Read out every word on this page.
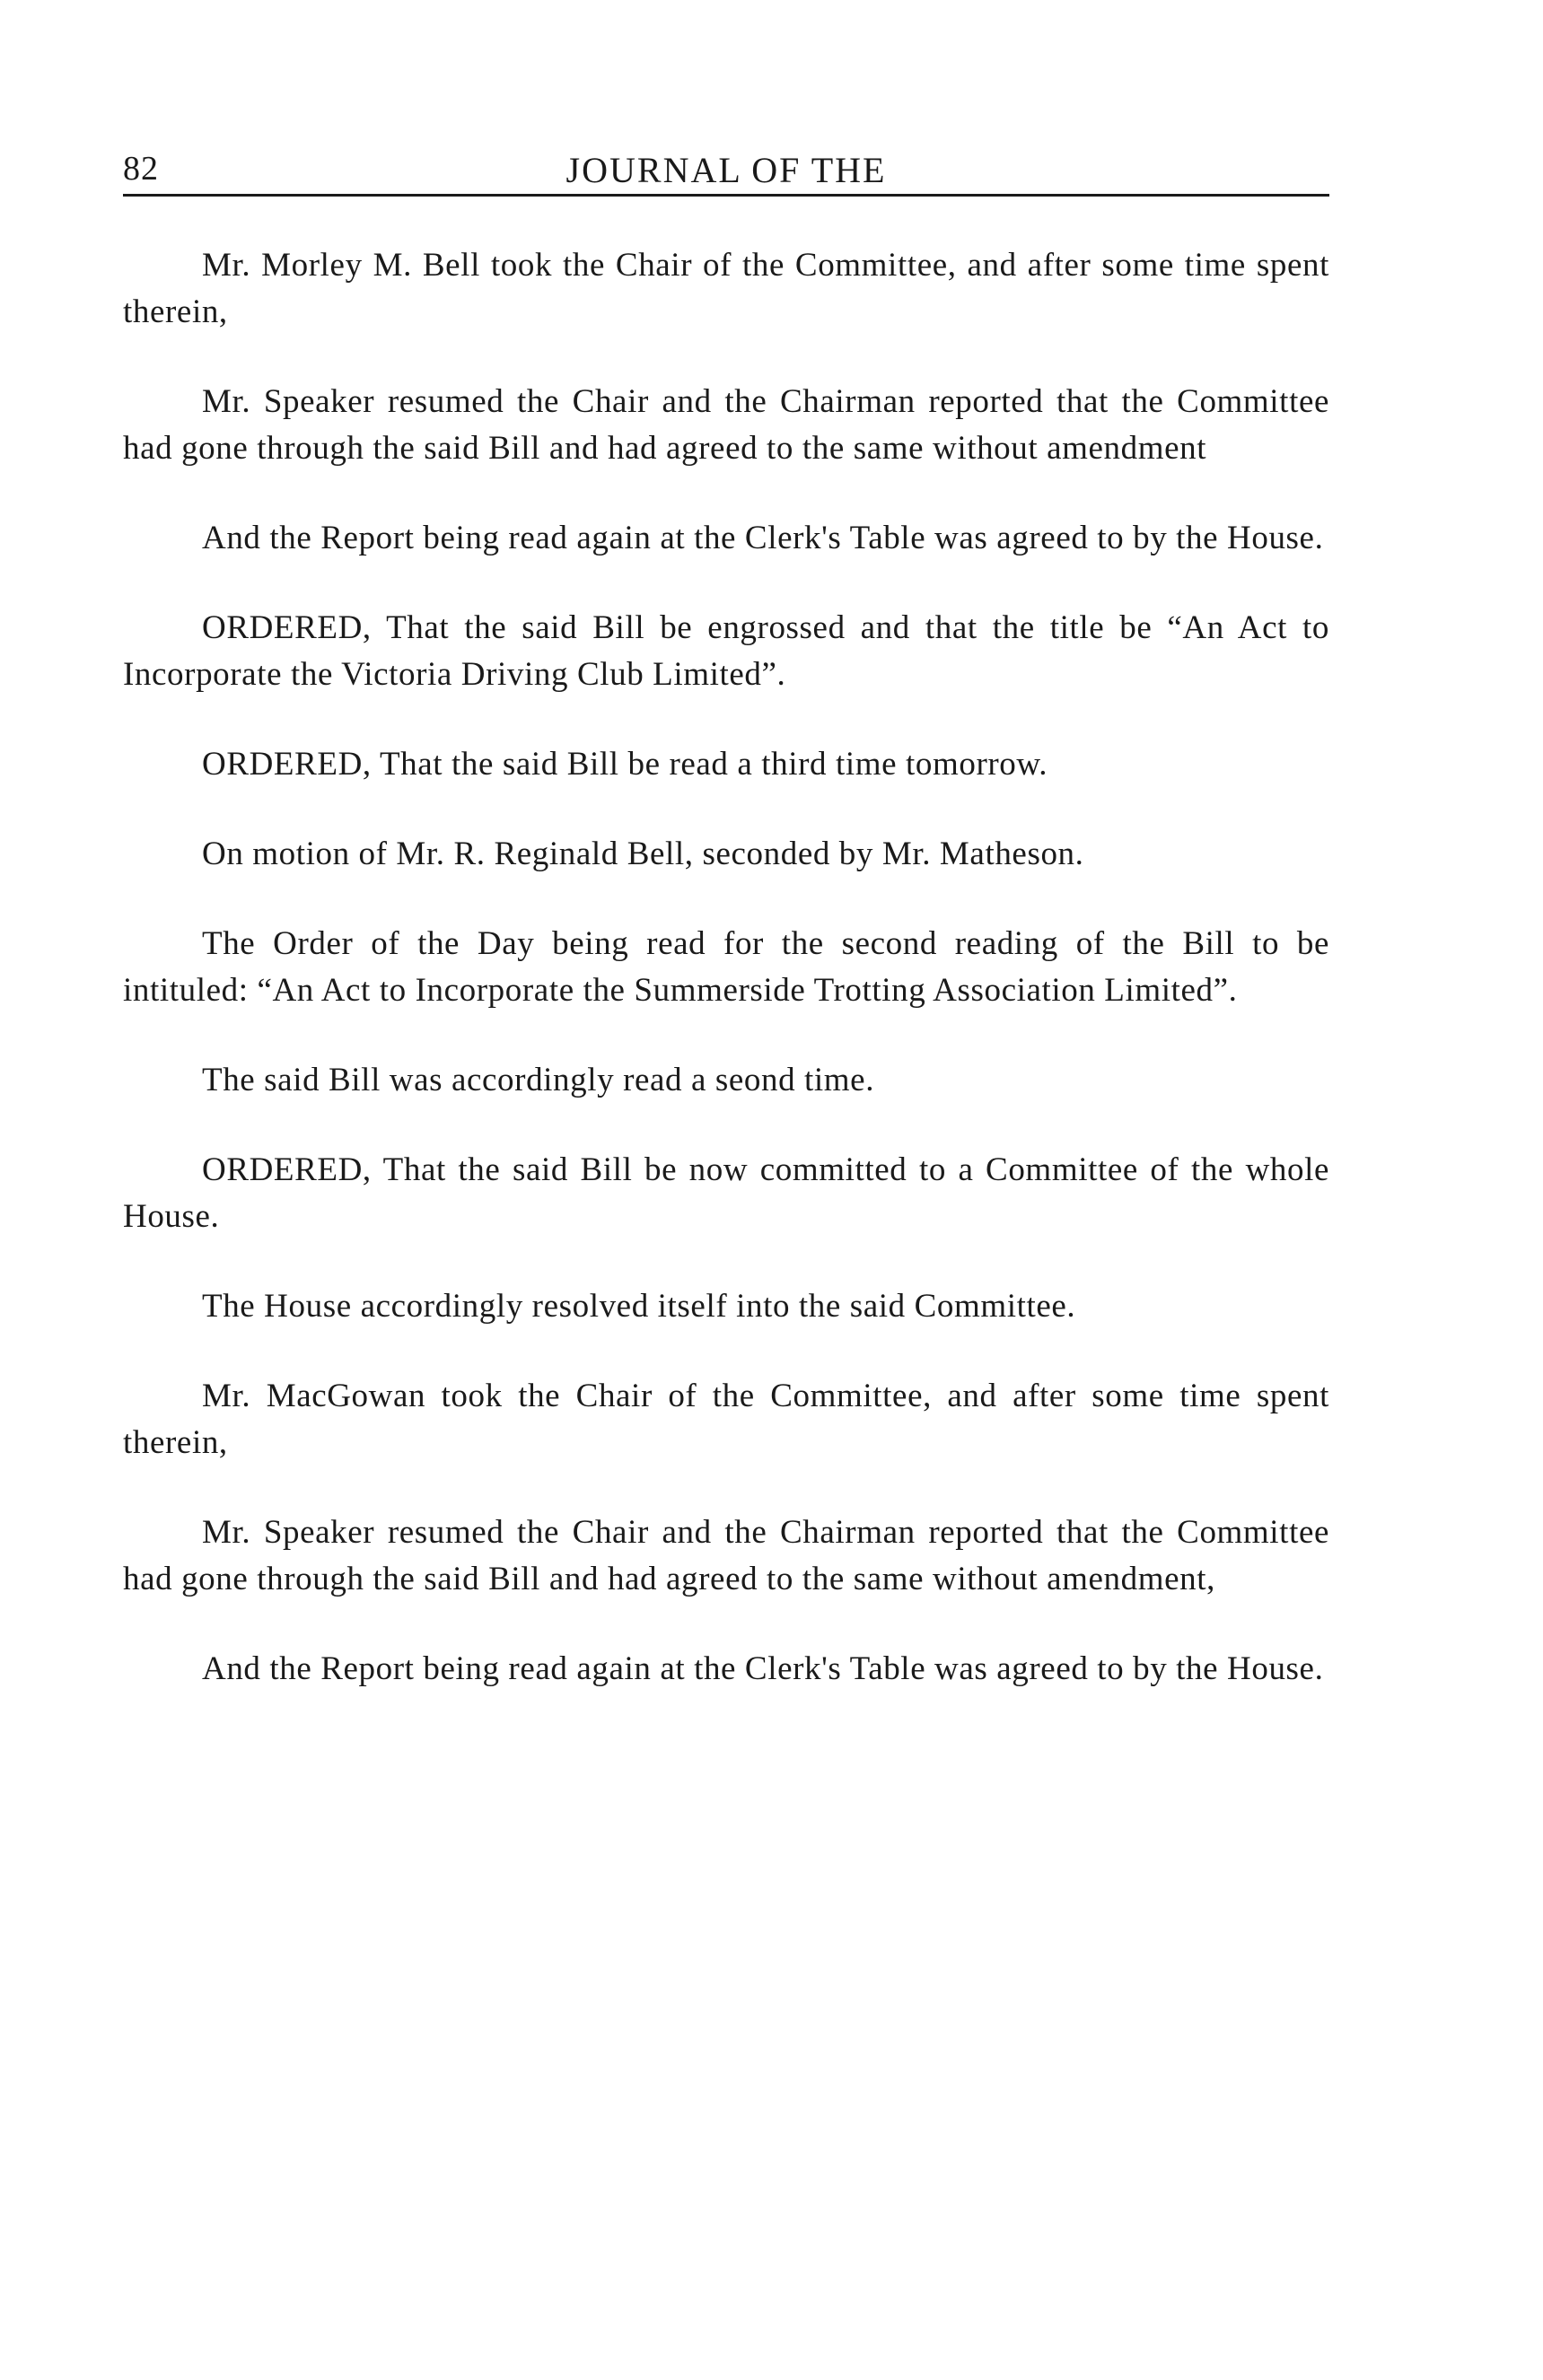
82	JOURNAL OF THE

Mr. Morley M. Bell took the Chair of the Committee, and after some time spent therein,

Mr. Speaker resumed the Chair and the Chairman reported that the Committee had gone through the said Bill and had agreed to the same without amendment

And the Report being read again at the Clerk's Table was agreed to by the House.

ORDERED, That the said Bill be engrossed and that the title be “An Act to Incorporate the Victoria Driving Club Limited”.

ORDERED, That the said Bill be read a third time tomorrow.

On motion of Mr. R. Reginald Bell, seconded by Mr. Matheson.

The Order of the Day being read for the second reading of the Bill to be intituled: “An Act to Incorporate the Summerside Trotting Association Limited”.

The said Bill was accordingly read a seond time.

ORDERED, That the said Bill be now committed to a Committee of the whole House.

The House accordingly resolved itself into the said Committee.

Mr. MacGowan took the Chair of the Committee, and after some time spent therein,

Mr. Speaker resumed the Chair and the Chairman reported that the Committee had gone through the said Bill and had agreed to the same without amendment,

And the Report being read again at the Clerk's Table was agreed to by the House.
